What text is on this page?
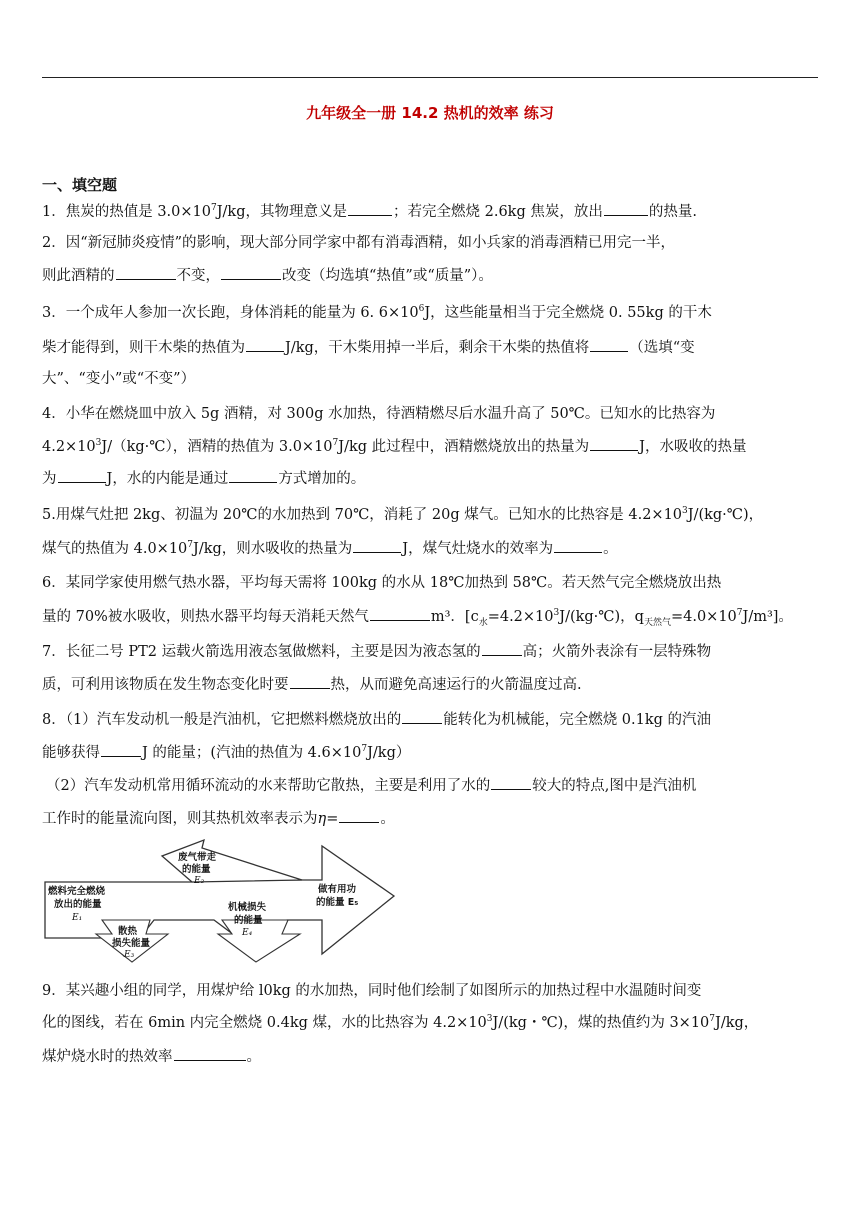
九年级全一册 14.2 热机的效率 练习
一、填空题
1．焦炭的热值是 $3.0\times 10^7J/kg$，其物理意义是	；若完全燃烧 2.6kg 焦炭，放出	的热量.
2．因“新冠肺炎疫情”的影响，现大部分同学家中都有消毒酒精，如小兵家的消毒酒精已用完一半，
则此酒精的	不变，	改变（均选填“热值”或“质量”）。
3．一个成年人参加一次长跑，身体消耗的能量为 6. $6\times 10^6J$，这些能量相当于完全燃烧 0. 55kg 的干木
柴才能得到，则干木柴的热值为	J/kg，干木柴用掉一半后，剩余干木柴的热值将	（选填“变
大”、“变小”或“不变”）
4．小华在燃烧皿中放入 5g 酒精，对 300g 水加热，待酒精燃尽后水温升高了 50℃。已知水的比热容为
$4.2\times 10^3J/(kg\cdot℃)$，酒精的热值为 $3.0\times 10^7J/kg$ 此过程中，酒精燃烧放出的热量为	J，水吸收的热量
为	J，水的内能是通过	方式增加的。
5.用煤气灶把 2kg、初温为 20℃的水加热到 70℃，消耗了 20g 煤气。已知水的比热容是 $4.2\times 10^3J/(kg\cdot℃)$，
煤气的热值为 $4.0\times 10^7J/kg$，则水吸收的热量为	J，煤气灶烧水的效率为	。
6．某同学家使用燃气热水器，平均每天需将 100kg 的水从 18℃加热到 58℃。若天然气完全燃烧放出热
量的 70%被水吸收，则热水器平均每天消耗天然气	m³．[$c_水=4.2\times 10^3J/(kg\cdot℃)$，$q_{天然气}=4.0\times 10^7J/m^3$]。
7．长征二号 PT2 运载火箭选用液态氢做燃料，主要是因为液态氢的	高；火箭外表涂有一层特殊物
质，可利用该物质在发生物态变化时要	热，从而避免高速运行的火箭温度过高.
8．（1）汽车发动机一般是汽油机，它把燃料燃烧放出的	能转化为机械能，完全燃烧 0.1kg 的汽油
能够获得	J 的能量；(汽油的热值为 $4.6\times 10^7J/kg$）
（2）汽车发动机常用循环流动的水来帮助它散热，主要是利用了水的	较大的特点,图中是汽油机
工作时的能量流向图，则其热机效率表示为η=	。
燃料完全燃烧
放出的能量
E₁
废气带走
的能量
E₂
散热
损失能量
E₃
机械损失
的能量
E₄
做有用功
的能量 E₅
9．某兴趣小组的同学，用煤炉给 l0kg 的水加热，同时他们绘制了如图所示的加热过程中水温随时间变
化的图线，若在 6min 内完全燃烧 0.4kg 煤，水的比热容为 $4.2\times 10^3J/(kg$・℃)，煤的热值约为 $3\times 10^7J/kg$，
煤炉烧水时的热效率	。
